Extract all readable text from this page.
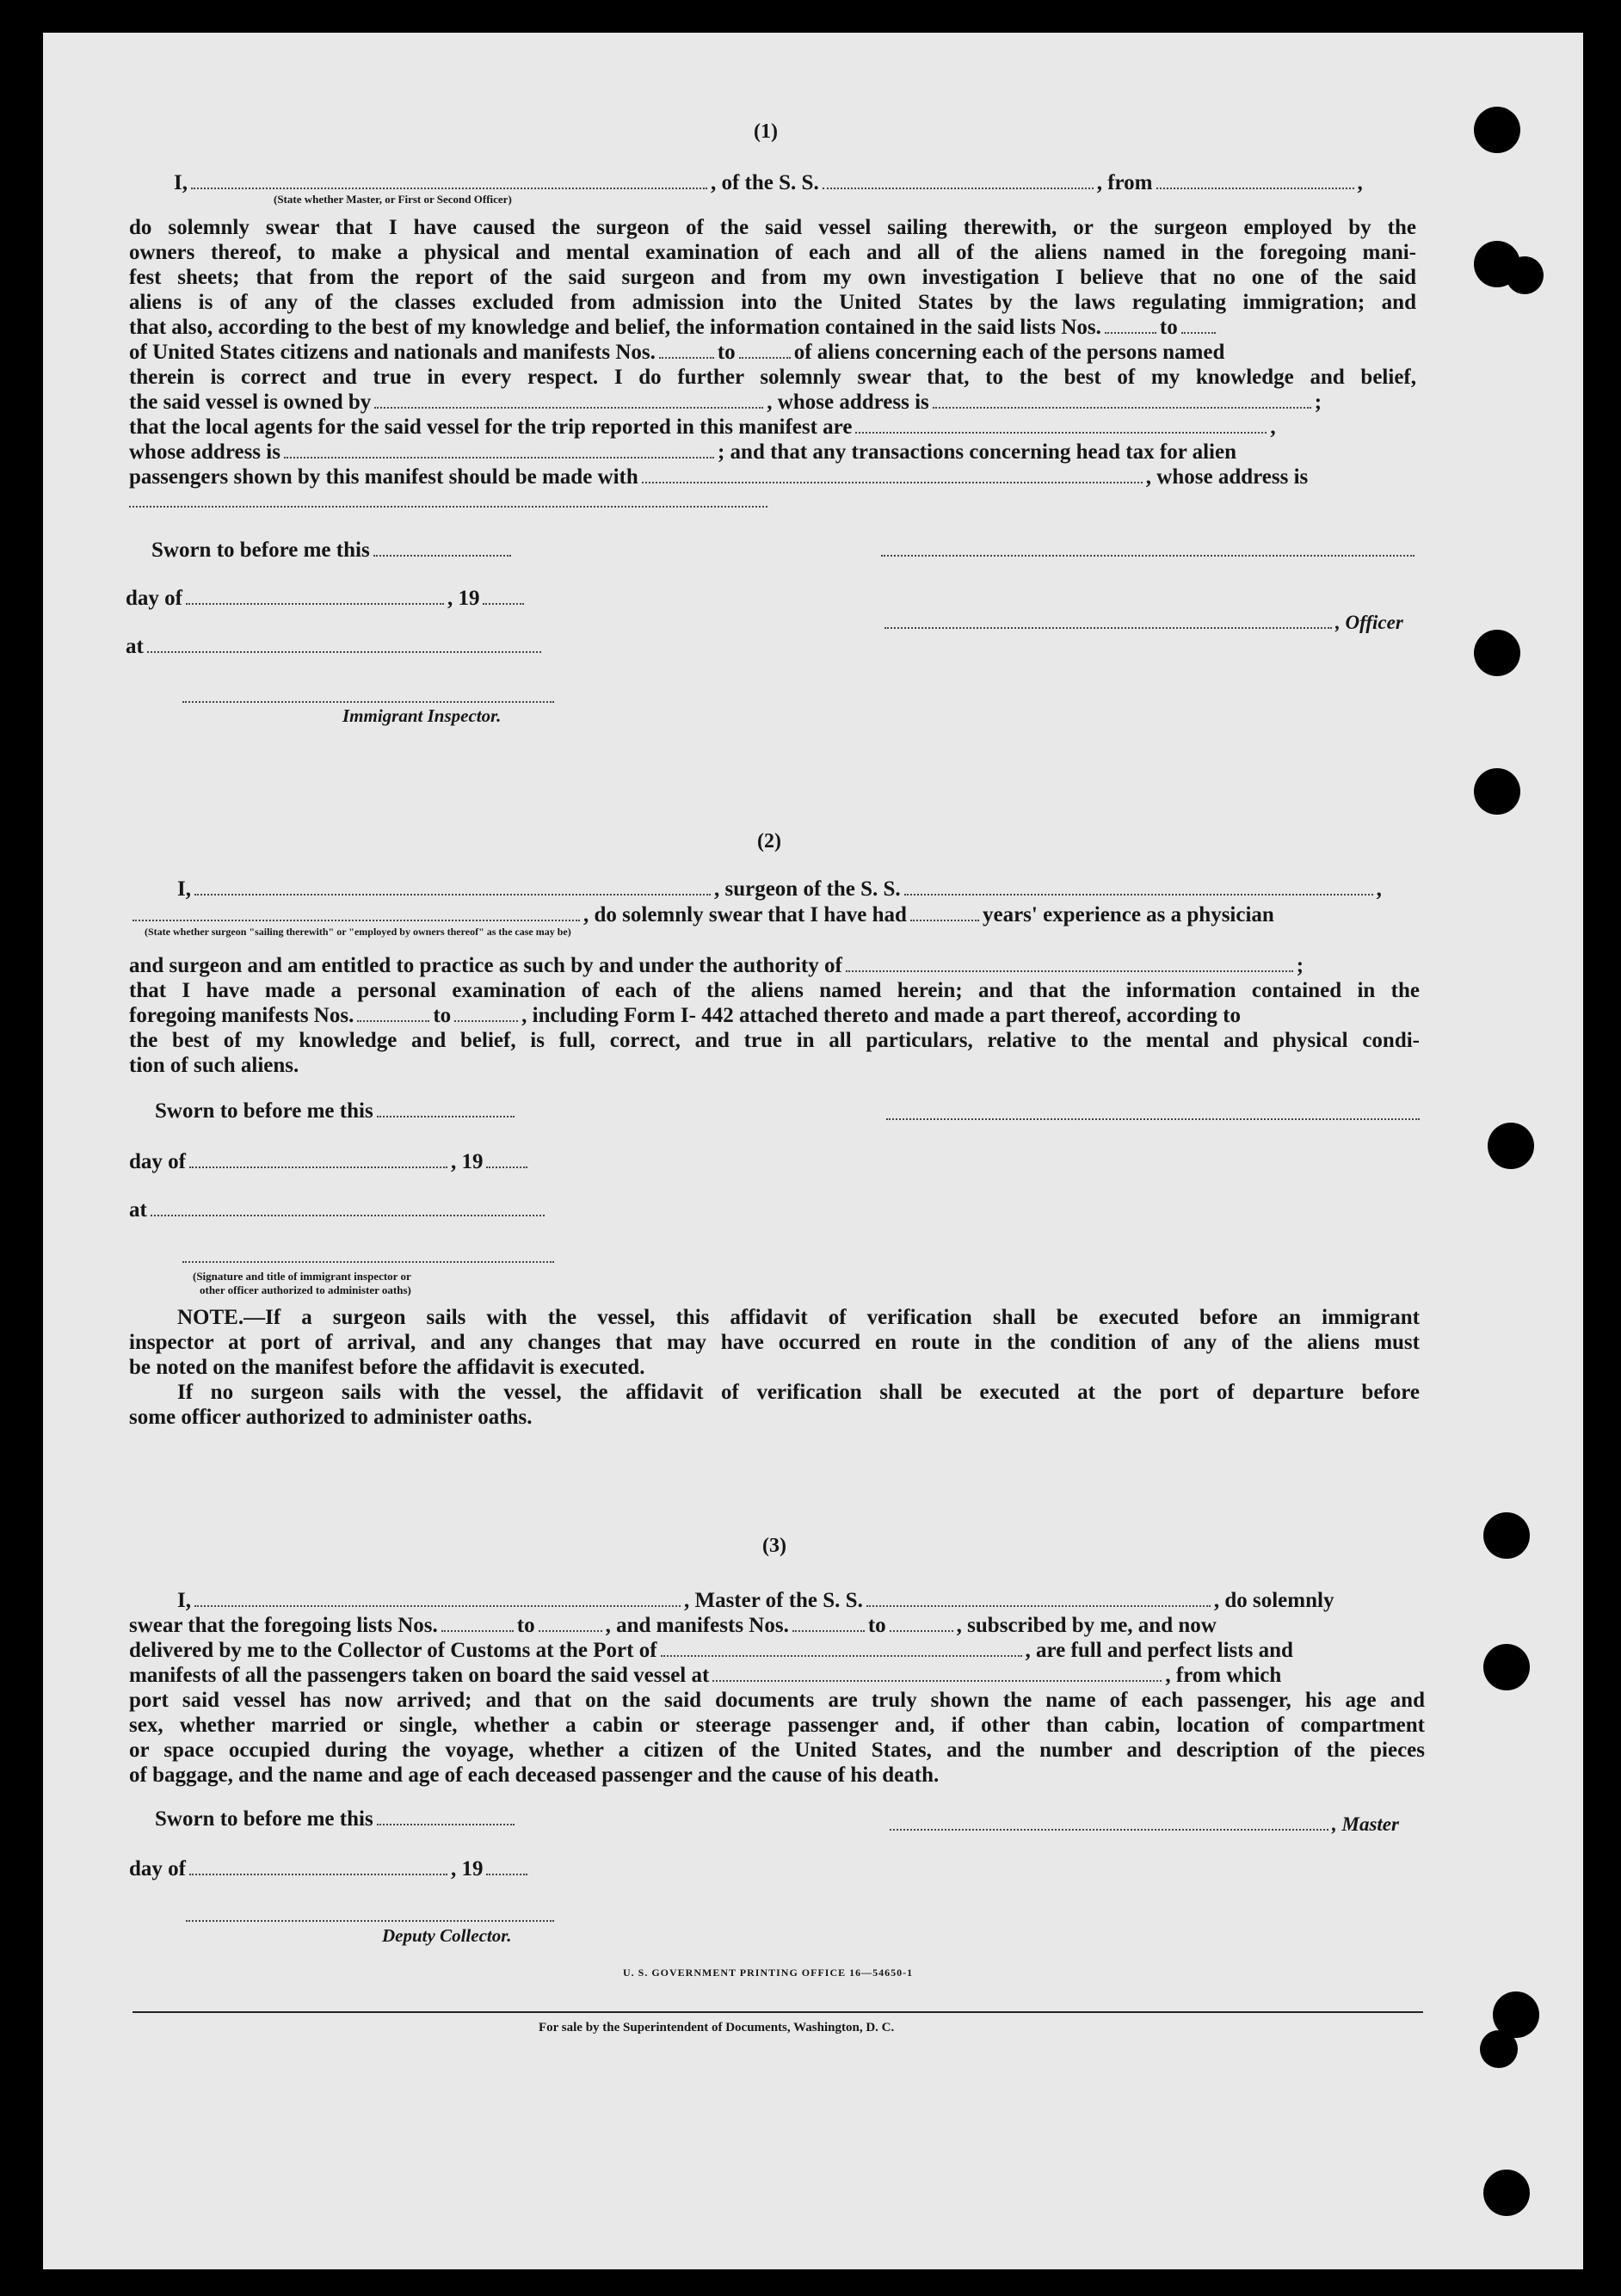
(1)
I,	, of the S. S.	, from	,
(State whether Master, or First or Second Officer)
do solemnly swear that I have caused the surgeon of the said vessel sailing therewith, or the surgeon employed by the
owners thereof, to make a physical and mental examination of each and all of the aliens named in the foregoing mani-
fest sheets; that from the report of the said surgeon and from my own investigation I believe that no one of the said
aliens is of any of the classes excluded from admission into the United States by the laws regulating immigration; and
that also, according to the best of my knowledge and belief, the information contained in the said lists Nos.	to
of United States citizens and nationals and manifests Nos.	to	of aliens concerning each of the persons named
therein is correct and true in every respect. I do further solemnly swear that, to the best of my knowledge and belief,
the said vessel is owned by	, whose address is	;
that the local agents for the said vessel for the trip reported in this manifest are	,
whose address is	; and that any transactions concerning head tax for alien
passengers shown by this manifest should be made with	, whose address is
Sworn to before me this
day of	, 19
, Officer
at
Immigrant Inspector.
(2)
I,	, surgeon of the S. S.	,
, do solemnly swear that I have had	years' experience as a physician
(State whether surgeon "sailing therewith" or "employed by owners thereof" as the case may be)
and surgeon and am entitled to practice as such by and under the authority of	;
that I have made a personal examination of each of the aliens named herein; and that the information contained in the
foregoing manifests Nos.	to	, including Form I- 442 attached thereto and made a part thereof, according to
the best of my knowledge and belief, is full, correct, and true in all particulars, relative to the mental and physical condi-
tion of such aliens.
Sworn to before me this
day of	, 19
at
(Signature and title of immigrant inspector or
other officer authorized to administer oaths)
NOTE.—If a surgeon sails with the vessel, this affidavit of verification shall be executed before an immigrant
inspector at port of arrival, and any changes that may have occurred en route in the condition of any of the aliens must
be noted on the manifest before the affidavit is executed.
If no surgeon sails with the vessel, the affidavit of verification shall be executed at the port of departure before
some officer authorized to administer oaths.
(3)
I,	, Master of the S. S.	, do solemnly
swear that the foregoing lists Nos.	to	, and manifests Nos.	to	, subscribed by me, and now
delivered by me to the Collector of Customs at the Port of	, are full and perfect lists and
manifests of all the passengers taken on board the said vessel at	, from which
port said vessel has now arrived; and that on the said documents are truly shown the name of each passenger, his age and
sex, whether married or single, whether a cabin or steerage passenger and, if other than cabin, location of compartment
or space occupied during the voyage, whether a citizen of the United States, and the number and description of the pieces
of baggage, and the name and age of each deceased passenger and the cause of his death.
Sworn to before me this	, Master
day of	, 19
Deputy Collector.
U. S. GOVERNMENT PRINTING OFFICE 16—54650-1
For sale by the Superintendent of Documents, Washington, D. C.
